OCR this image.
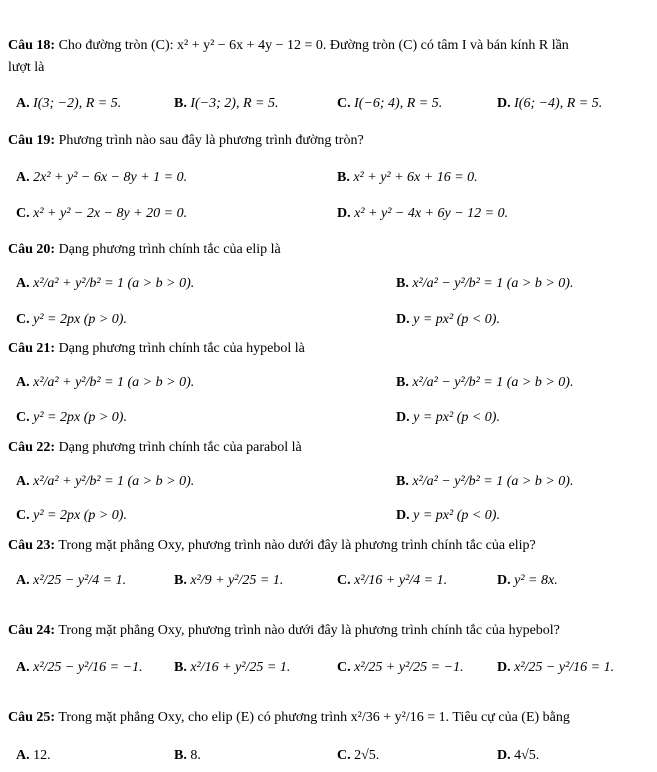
Câu 18: Cho đường tròn (C): x² + y² − 6x + 4y − 12 = 0. Đường tròn (C) có tâm I và bán kính R lần
lượt là
A. I(3; −2), R = 5.	B. I(−3; 2), R = 5.	C. I(−6; 4), R = 5.	D. I(6; −4), R = 5.
Câu 19: Phương trình nào sau đây là phương trình đường tròn?
A. 2x² + y² − 6x − 8y + 1 = 0.	B. x² + y² + 6x + 16 = 0.
C. x² + y² − 2x − 8y + 20 = 0.	D. x² + y² − 4x + 6y − 12 = 0.
Câu 20: Dạng phương trình chính tắc của elip là
A. x²/a² + y²/b² = 1 (a > b > 0).	B. x²/a² − y²/b² = 1 (a > b > 0).
C. y² = 2px (p > 0).	D. y = px² (p < 0).
Câu 21: Dạng phương trình chính tắc của hypebol là
A. x²/a² + y²/b² = 1 (a > b > 0).	B. x²/a² − y²/b² = 1 (a > b > 0).
C. y² = 2px (p > 0).	D. y = px² (p < 0).
Câu 22: Dạng phương trình chính tắc của parabol là
A. x²/a² + y²/b² = 1 (a > b > 0).	B. x²/a² − y²/b² = 1 (a > b > 0).
C. y² = 2px (p > 0).	D. y = px² (p < 0).
Câu 23: Trong mặt phẳng Oxy, phương trình nào dưới đây là phương trình chính tắc của elip?
A. x²/25 − y²/4 = 1.	B. x²/9 + y²/25 = 1.	C. x²/16 + y²/4 = 1.	D. y² = 8x.
Câu 24: Trong mặt phẳng Oxy, phương trình nào dưới đây là phương trình chính tắc của hypebol?
A. x²/25 − y²/16 = −1. B. x²/16 + y²/25 = 1.	C. x²/25 + y²/25 = −1. D. x²/25 − y²/16 = 1.
Câu 25: Trong mặt phẳng Oxy, cho elip (E) có phương trình x²/36 + y²/16 = 1. Tiêu cự của (E) bằng
A. 12.	B. 8.	C. 2√5.	D. 4√5.
